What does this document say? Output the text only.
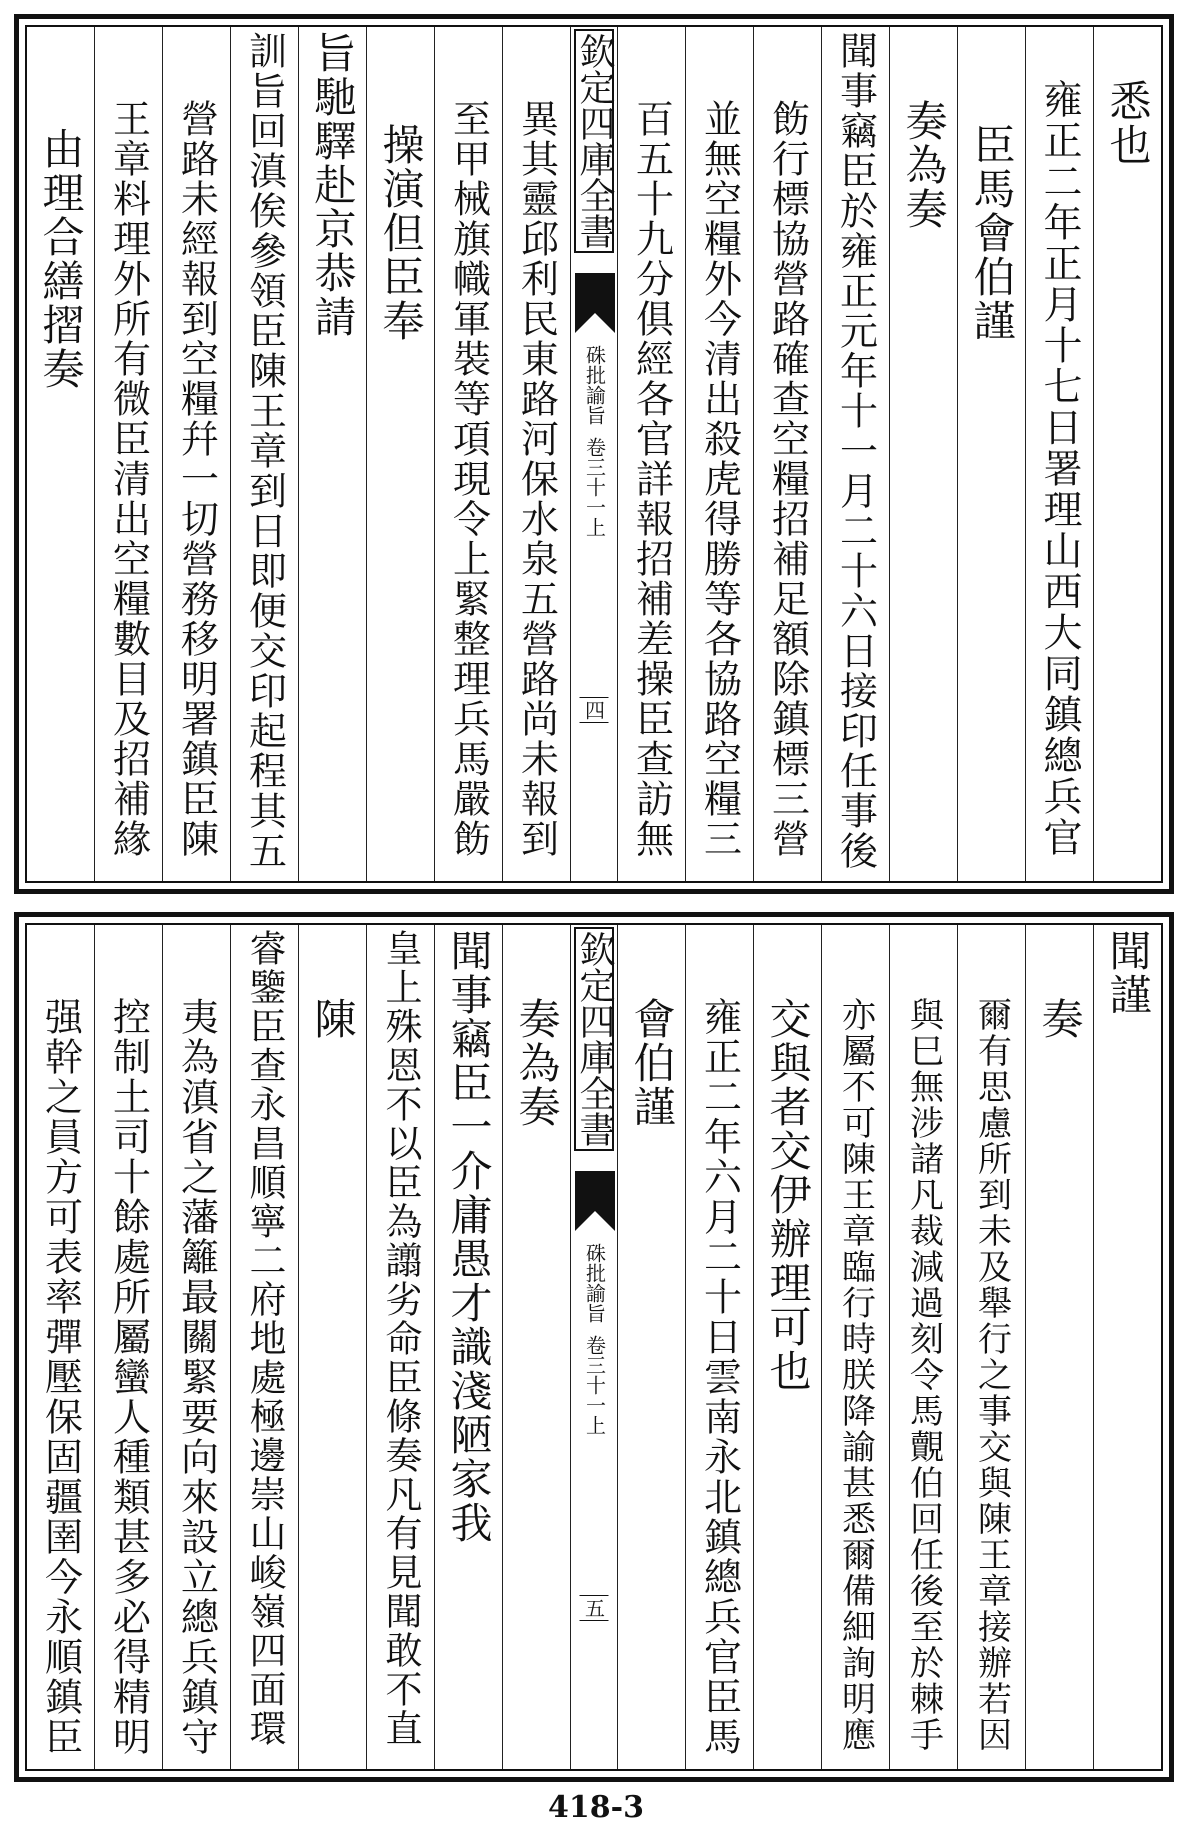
悉也
雍正二年正月十七日署理山西大同鎮總兵官
臣馬會伯謹
奏為奏
聞事竊臣於雍正元年十一月二十六日接印任事後
飭行標協營路確查空糧招補足額除鎮標三營
並無空糧外今清出殺虎得勝等各協路空糧三
百五十九分俱經各官詳報招補差操臣查訪無
欽定四庫全書
硃批諭旨
卷三十一上
四
異其靈邱利民東路河保水泉五營路尚未報到
至甲械旗幟軍裝等項現令上緊整理兵馬嚴飭
操演但臣奉
旨馳驛赴京恭請
訓旨回滇俟參領臣陳王章到日即便交印起程其五
營路未經報到空糧幷一切營務移明署鎮臣陳
王章料理外所有微臣清出空糧數目及招補緣
由理合繕摺奏
聞謹
奏
爾有思慮所到未及舉行之事交與陳王章接辦若因
與巳無涉諸凡裁減過刻令馬覿伯回任後至於棘手
亦屬不可陳王章臨行時朕降諭甚悉爾備細詢明應
交與者交伊辦理可也
雍正二年六月二十日雲南永北鎮總兵官臣馬
會伯謹
欽定四庫全書
硃批諭旨
卷三十一上
五
奏為奏
聞事竊臣一介庸愚才識淺陋家我
皇上殊恩不以臣為譾劣命臣條奏凡有見聞敢不直
陳
睿鑒臣查永昌順寧二府地處極邊崇山峻嶺四面環
夷為滇省之藩籬最關緊要向來設立總兵鎮守
控制土司十餘處所屬蠻人種類甚多必得精明
强幹之員方可表率彈壓保固疆圉今永順鎮臣
418-3
